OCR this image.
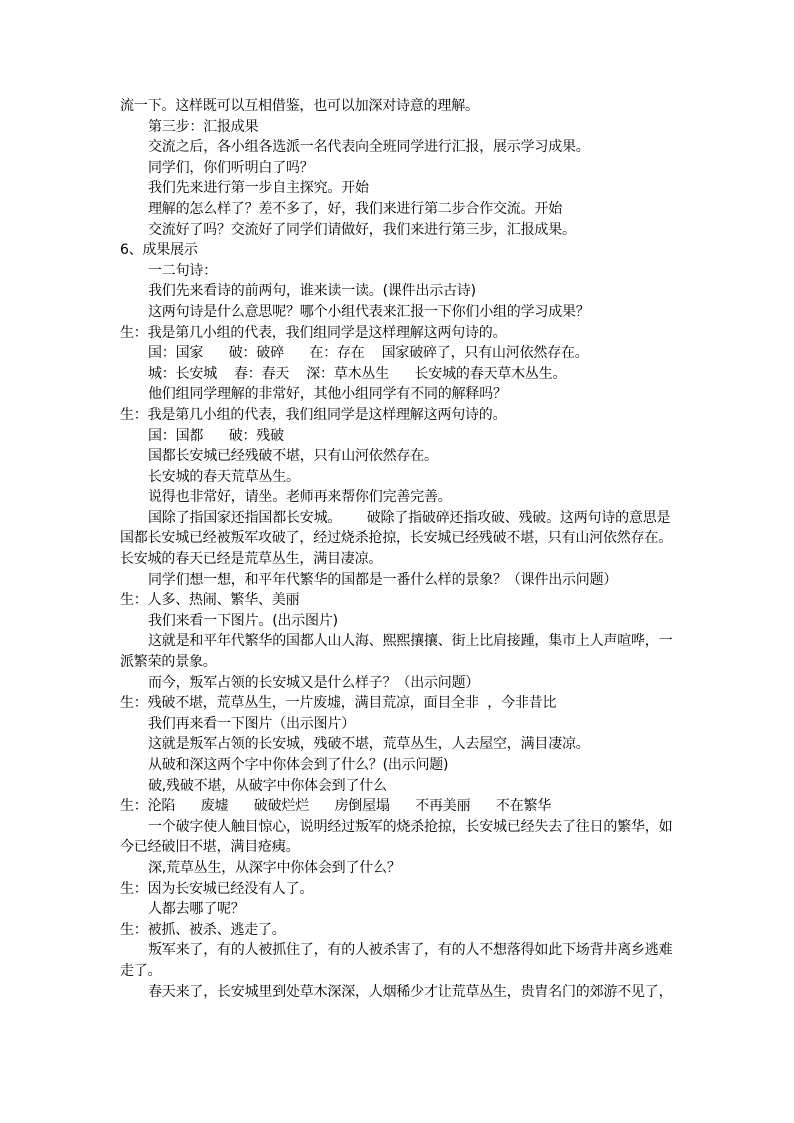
流一下。这样既可以互相借鉴，也可以加深对诗意的理解。
第三步：汇报成果
交流之后，各小组各选派一名代表向全班同学进行汇报，展示学习成果。
同学们，你们听明白了吗？
我们先来进行第一步自主探究。开始
理解的怎么样了？差不多了，好，我们来进行第二步合作交流。开始
交流好了吗？交流好了同学们请做好，我们来进行第三步，汇报成果。
6、成果展示
一二句诗：
我们先来看诗的前两句，谁来读一读。(课件出示古诗)
这两句诗是什么意思呢？哪个小组代表来汇报一下你们小组的学习成果？
生：我是第几小组的代表，我们组同学是这样理解这两句诗的。
国：国家      破：破碎      在：存在    国家破碎了，只有山河依然存在。
城：长安城    春：春天    深：草木丛生      长安城的春天草木丛生。
他们组同学理解的非常好，其他小组同学有不同的解释吗？
生：我是第几小组的代表，我们组同学是这样理解这两句诗的。
国：国都      破：残破
国都长安城已经残破不堪，只有山河依然存在。
长安城的春天荒草丛生。
说得也非常好，请坐。老师再来帮你们完善完善。
国除了指国家还指国都长安城。      破除了指破碎还指攻破、残破。这两句诗的意思是
国都长安城已经被叛军攻破了，经过烧杀抢掠，长安城已经残破不堪，只有山河依然存在。
长安城的春天已经是荒草丛生，满目凄凉。
同学们想一想，和平年代繁华的国都是一番什么样的景象？（课件出示问题）
生：人多、热闹、繁华、美丽
我们来看一下图片。(出示图片)
这就是和平年代繁华的国都人山人海、熙熙攘攘、街上比肩接踵，集市上人声喧哗，一
派繁荣的景象。
而今，叛军占领的长安城又是什么样子？（出示问题）
生：残破不堪，荒草丛生，一片废墟，满目荒凉，面目全非  ，今非昔比
我们再来看一下图片（出示图片）
这就是叛军占领的长安城，残破不堪，荒草丛生，人去屋空，满目凄凉。
从破和深这两个字中你体会到了什么？(出示问题)
破,残破不堪，从破字中你体会到了什么
生：沦陷      废墟      破破烂烂      房倒屋塌      不再美丽      不在繁华
一个破字使人触目惊心，说明经过叛军的烧杀抢掠，长安城已经失去了往日的繁华，如
今已经破旧不堪，满目疮痍。
深,荒草丛生，从深字中你体会到了什么？
生：因为长安城已经没有人了。
人都去哪了呢？
生：被抓、被杀、逃走了。
叛军来了，有的人被抓住了，有的人被杀害了，有的人不想落得如此下场背井离乡逃难
走了。
春天来了，长安城里到处草木深深，人烟稀少才让荒草丛生，贵胄名门的郊游不见了，
